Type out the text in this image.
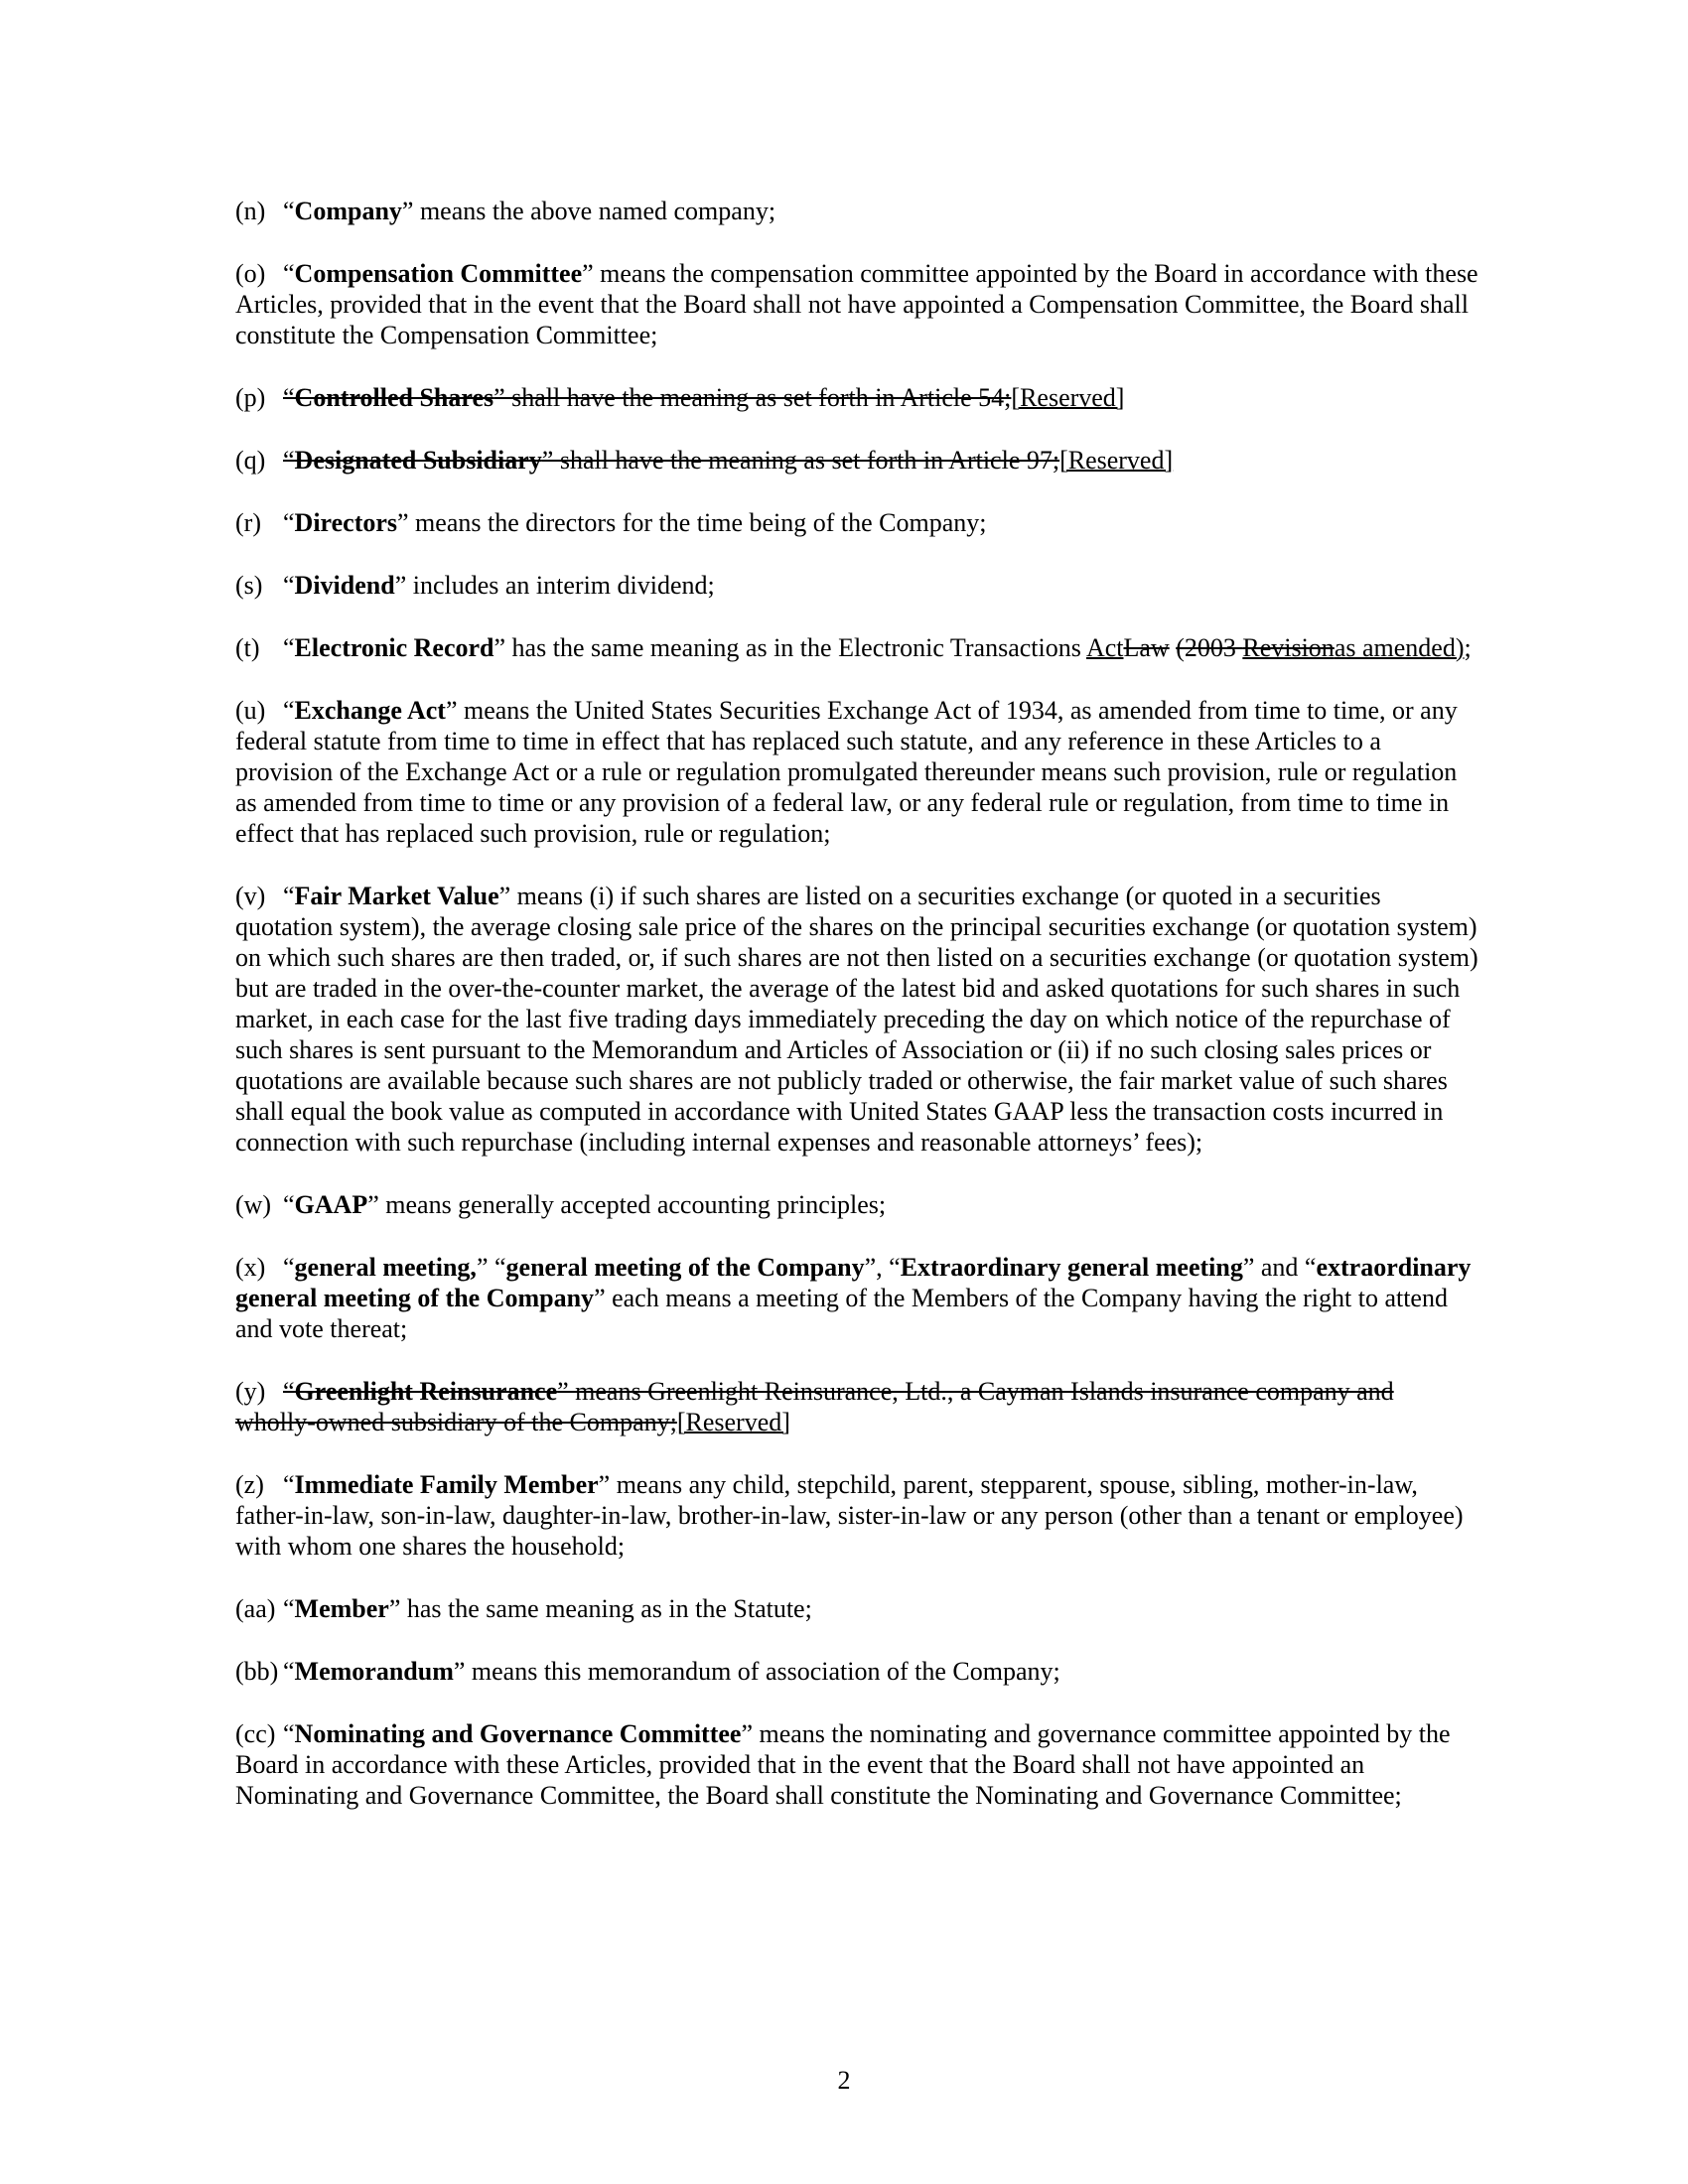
(n) “Company” means the above named company;

(o) “Compensation Committee” means the compensation committee appointed by the Board in accordance with these Articles, provided that in the event that the Board shall not have appointed a Compensation Committee, the Board shall constitute the Compensation Committee;

(p) “Controlled Shares” shall have the meaning as set forth in Article 54;[Reserved]

(q) “Designated Subsidiary” shall have the meaning as set forth in Article 97;[Reserved]

(r) “Directors” means the directors for the time being of the Company;

(s) “Dividend” includes an interim dividend;

(t) “Electronic Record” has the same meaning as in the Electronic Transactions ActLaw (2003 Revisionas amended);

(u) “Exchange Act” means the United States Securities Exchange Act of 1934, as amended from time to time, or any federal statute from time to time in effect that has replaced such statute, and any reference in these Articles to a provision of the Exchange Act or a rule or regulation promulgated thereunder means such provision, rule or regulation as amended from time to time or any provision of a federal law, or any federal rule or regulation, from time to time in effect that has replaced such provision, rule or regulation;

(v) “Fair Market Value” means (i) if such shares are listed on a securities exchange (or quoted in a securities quotation system), the average closing sale price of the shares on the principal securities exchange (or quotation system) on which such shares are then traded, or, if such shares are not then listed on a securities exchange (or quotation system) but are traded in the over-the-counter market, the average of the latest bid and asked quotations for such shares in such market, in each case for the last five trading days immediately preceding the day on which notice of the repurchase of such shares is sent pursuant to the Memorandum and Articles of Association or (ii) if no such closing sales prices or quotations are available because such shares are not publicly traded or otherwise, the fair market value of such shares shall equal the book value as computed in accordance with United States GAAP less the transaction costs incurred in connection with such repurchase (including internal expenses and reasonable attorneys’ fees);

(w) “GAAP” means generally accepted accounting principles;

(x) “general meeting,” “general meeting of the Company”, “Extraordinary general meeting” and “extraordinary general meeting of the Company” each means a meeting of the Members of the Company having the right to attend and vote thereat;

(y) “Greenlight Reinsurance” means Greenlight Reinsurance, Ltd., a Cayman Islands insurance company and wholly-owned subsidiary of the Company;[Reserved]

(z) “Immediate Family Member” means any child, stepchild, parent, stepparent, spouse, sibling, mother-in-law, father-in-law, son-in-law, daughter-in-law, brother-in-law, sister-in-law or any person (other than a tenant or employee) with whom one shares the household;

(aa) “Member” has the same meaning as in the Statute;

(bb) “Memorandum” means this memorandum of association of the Company;

(cc) “Nominating and Governance Committee” means the nominating and governance committee appointed by the Board in accordance with these Articles, provided that in the event that the Board shall not have appointed an Nominating and Governance Committee, the Board shall constitute the Nominating and Governance Committee;

2
